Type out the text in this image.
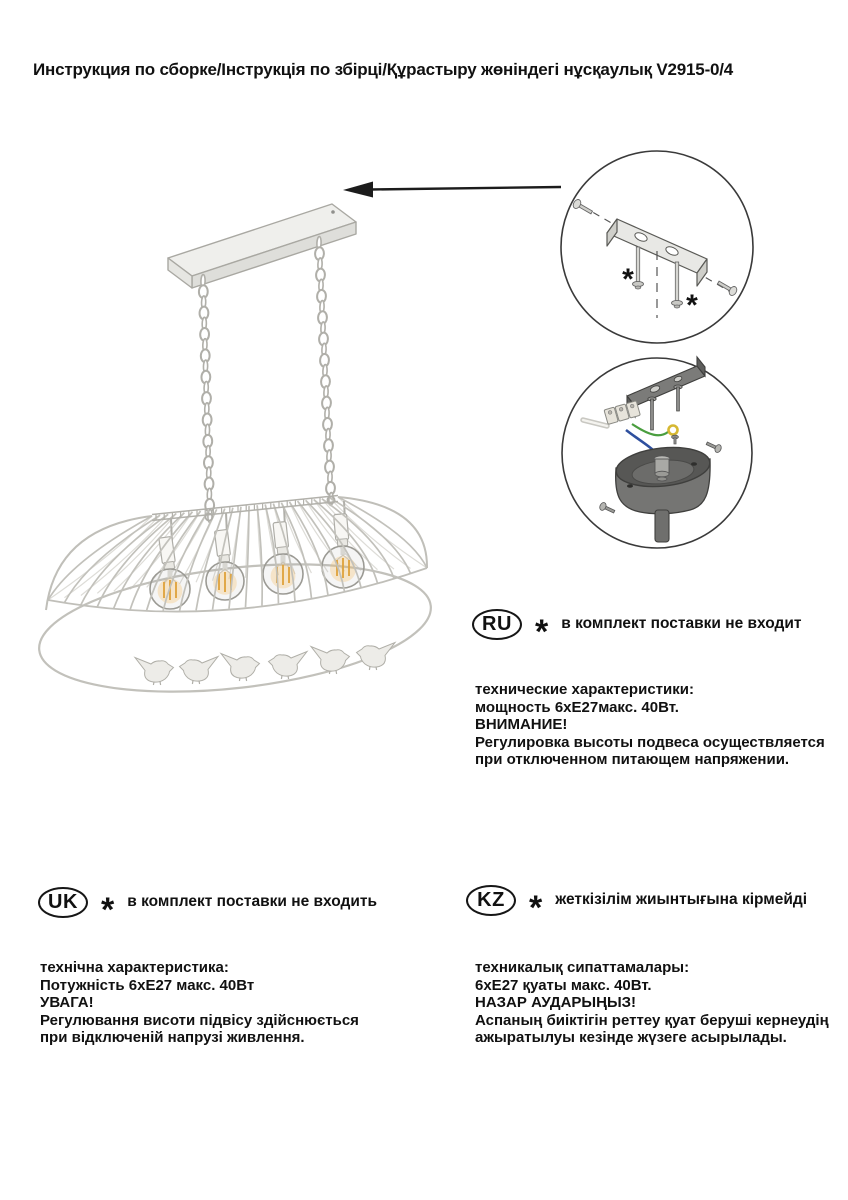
Инструкция по сборке/Інструкція по збірці/Құрастыру жөніндегі нұсқаулық V2915-0/4
*
*
RU * в комплект поставки не входит

технические характеристики:

мощность 6хЕ27макс. 40Вт.

ВНИМАНИЕ!

Регулировка высоты подвеса осуществляется

при отключенном питающем напряжении.

UK * в комплект поставки не входить

технічна характеристика:

Потужність 6хЕ27 макс. 40Вт

УВАГА!

Регулювання висоти підвісу здійснюється

при відключеній напрузі живлення.

KZ * жеткізілім жиынтығына кірмейді

техникалық сипаттамалары:

6хЕ27 қуаты макс. 40Вт.

НАЗАР АУДАРЫҢЫЗ!

Аспаның биіктігін реттеу қуат беруші кернеудің

ажыратылуы кезінде жүзеге асырылады.
